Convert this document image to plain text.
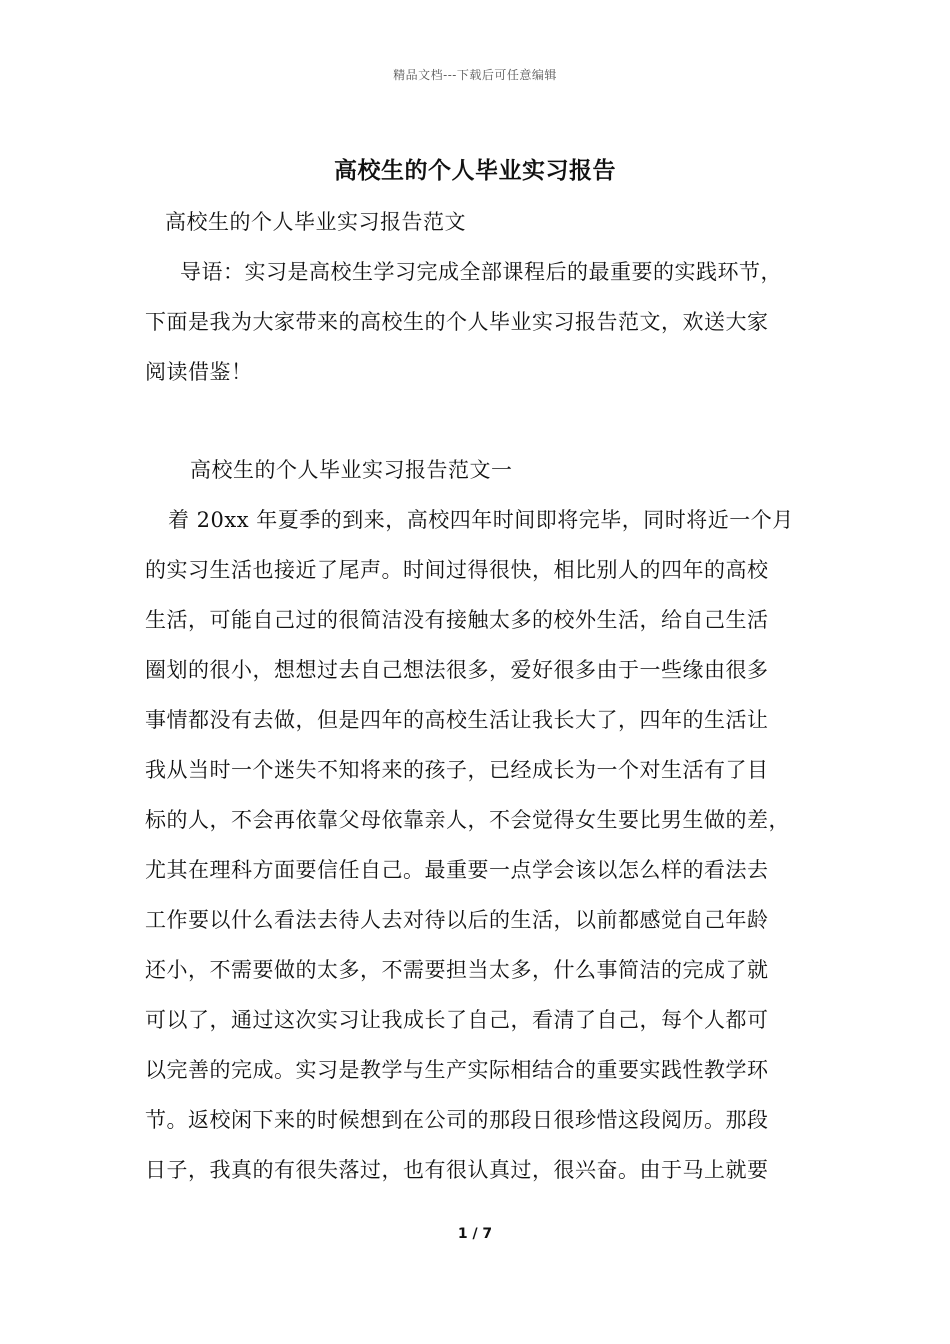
精品文档---下载后可任意编辑
高校生的个人毕业实习报告
高校生的个人毕业实习报告范文
导语：实习是高校生学习完成全部课程后的最重要的实践环节，
下面是我为大家带来的高校生的个人毕业实习报告范文，欢送大家
阅读借鉴！
高校生的个人毕业实习报告范文一
着 20xx 年夏季的到来，高校四年时间即将完毕，同时将近一个月
的实习生活也接近了尾声。时间过得很快，相比别人的四年的高校
生活，可能自己过的很简洁没有接触太多的校外生活，给自己生活
圈划的很小，想想过去自己想法很多，爱好很多由于一些缘由很多
事情都没有去做，但是四年的高校生活让我长大了，四年的生活让
我从当时一个迷失不知将来的孩子，已经成长为一个对生活有了目
标的人，不会再依靠父母依靠亲人，不会觉得女生要比男生做的差，
尤其在理科方面要信任自己。最重要一点学会该以怎么样的看法去
工作要以什么看法去待人去对待以后的生活，以前都感觉自己年龄
还小，不需要做的太多，不需要担当太多，什么事简洁的完成了就
可以了，通过这次实习让我成长了自己，看清了自己，每个人都可
以完善的完成。实习是教学与生产实际相结合的重要实践性教学环
节。返校闲下来的时候想到在公司的那段日很珍惜这段阅历。那段
日子，我真的有很失落过，也有很认真过，很兴奋。由于马上就要
1 / 7
